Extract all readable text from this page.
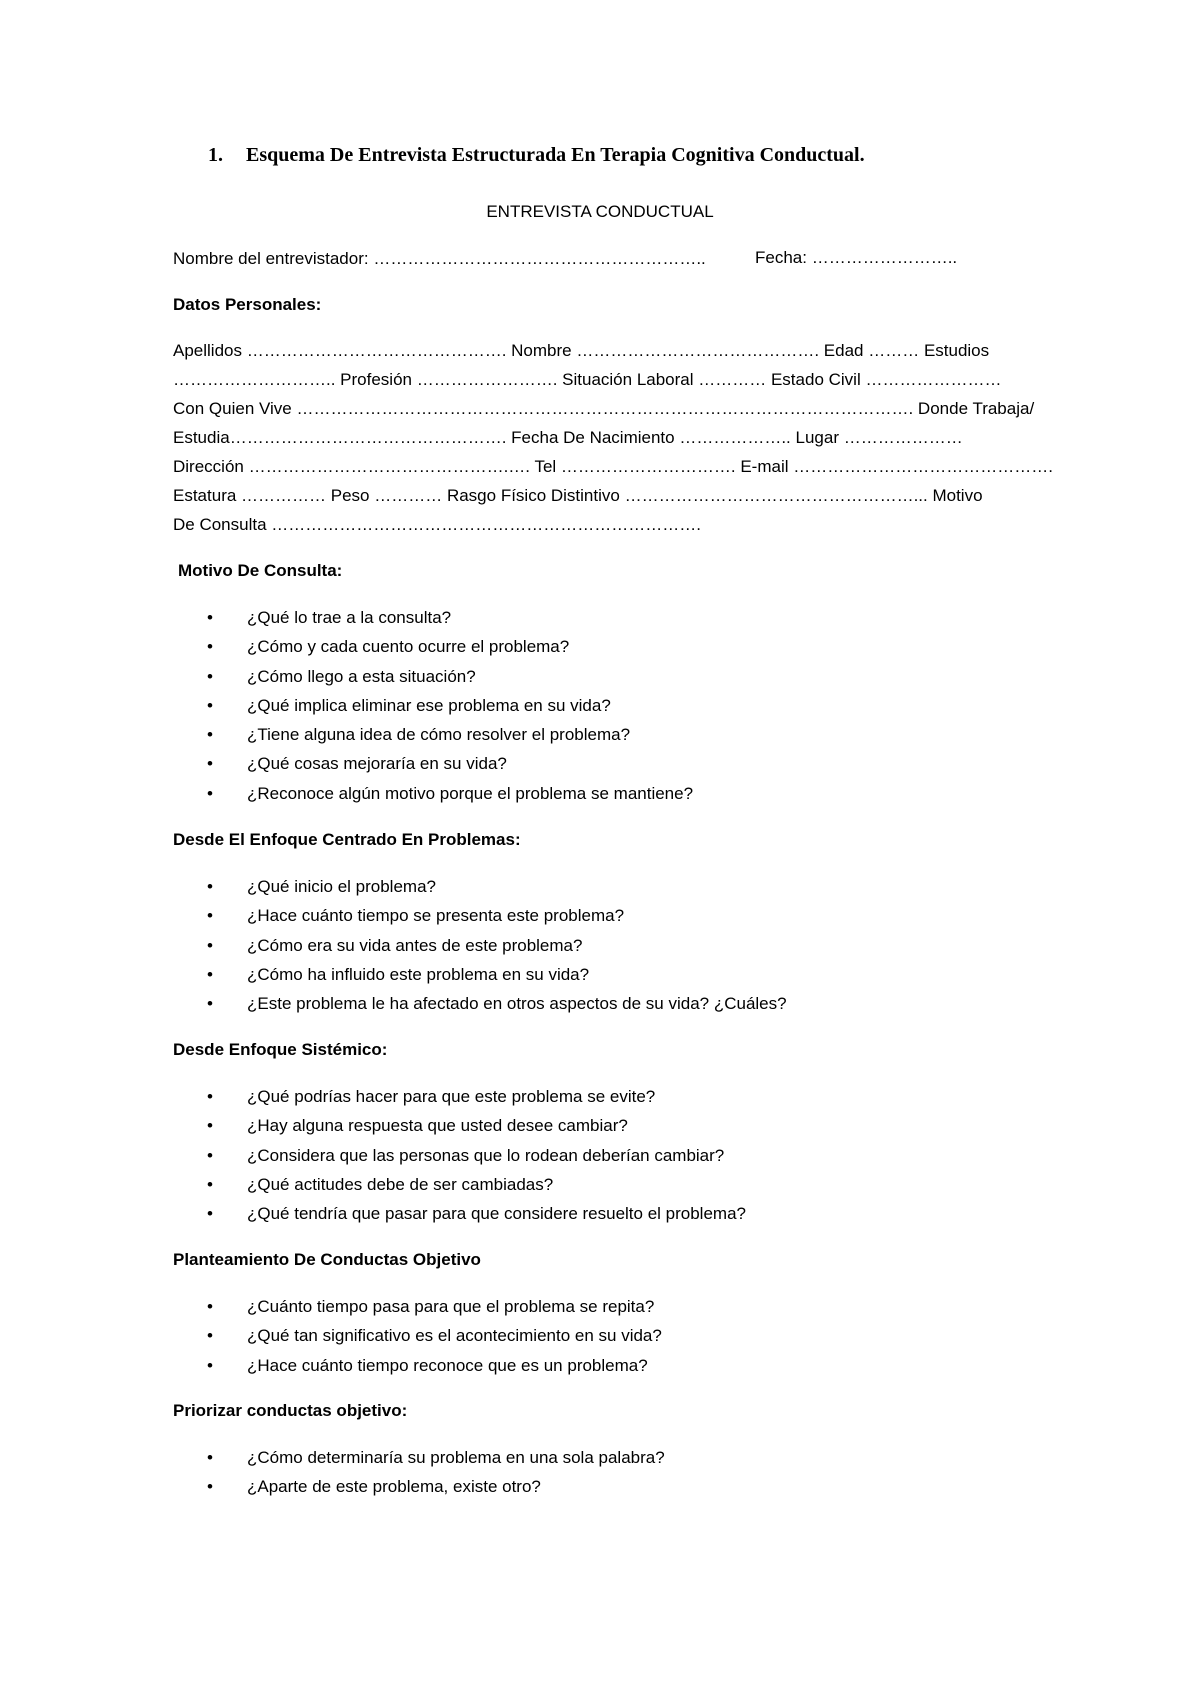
1. Esquema De Entrevista Estructurada En Terapia Cognitiva Conductual.
ENTREVISTA CONDUCTUAL
Nombre del entrevistador: …………………………………………………..	Fecha: ……………………..
Datos Personales:
Apellidos ………………………………………. Nombre ……………………………………. Edad ……… Estudios
……………………….. Profesión ……………………. Situación Laboral ………… Estado Civil ……………………
Con Quien Vive ………………………………………………………………………………………………. Donde Trabaja/
Estudia…………………………………………. Fecha De Nacimiento ……………….. Lugar …………………
Dirección ……………………………………….…. Tel …………………………. E-mail ……………………………………….
Estatura …………… Peso ………… Rasgo Físico Distintivo ……………………………………………... Motivo
De Consulta ………………………………………………………………….
Motivo De Consulta:
• ¿Qué lo trae a la consulta?
• ¿Cómo y cada cuento ocurre el problema?
• ¿Cómo llego a esta situación?
• ¿Qué implica eliminar ese problema en su vida?
• ¿Tiene alguna idea de cómo resolver el problema?
• ¿Qué cosas mejoraría en su vida?
• ¿Reconoce algún motivo porque el problema se mantiene?
Desde El Enfoque Centrado En Problemas:
• ¿Qué inicio el problema?
• ¿Hace cuánto tiempo se presenta este problema?
• ¿Cómo era su vida antes de este problema?
• ¿Cómo ha influido este problema en su vida?
• ¿Este problema le ha afectado en otros aspectos de su vida? ¿Cuáles?
Desde Enfoque Sistémico:
• ¿Qué podrías hacer para que este problema se evite?
• ¿Hay alguna respuesta que usted desee cambiar?
• ¿Considera que las personas que lo rodean deberían cambiar?
• ¿Qué actitudes debe de ser cambiadas?
• ¿Qué tendría que pasar para que considere resuelto el problema?
Planteamiento De Conductas Objetivo
• ¿Cuánto tiempo pasa para que el problema se repita?
• ¿Qué tan significativo es el acontecimiento en su vida?
• ¿Hace cuánto tiempo reconoce que es un problema?
Priorizar conductas objetivo:
• ¿Cómo determinaría su problema en una sola palabra?
• ¿Aparte de este problema, existe otro?
